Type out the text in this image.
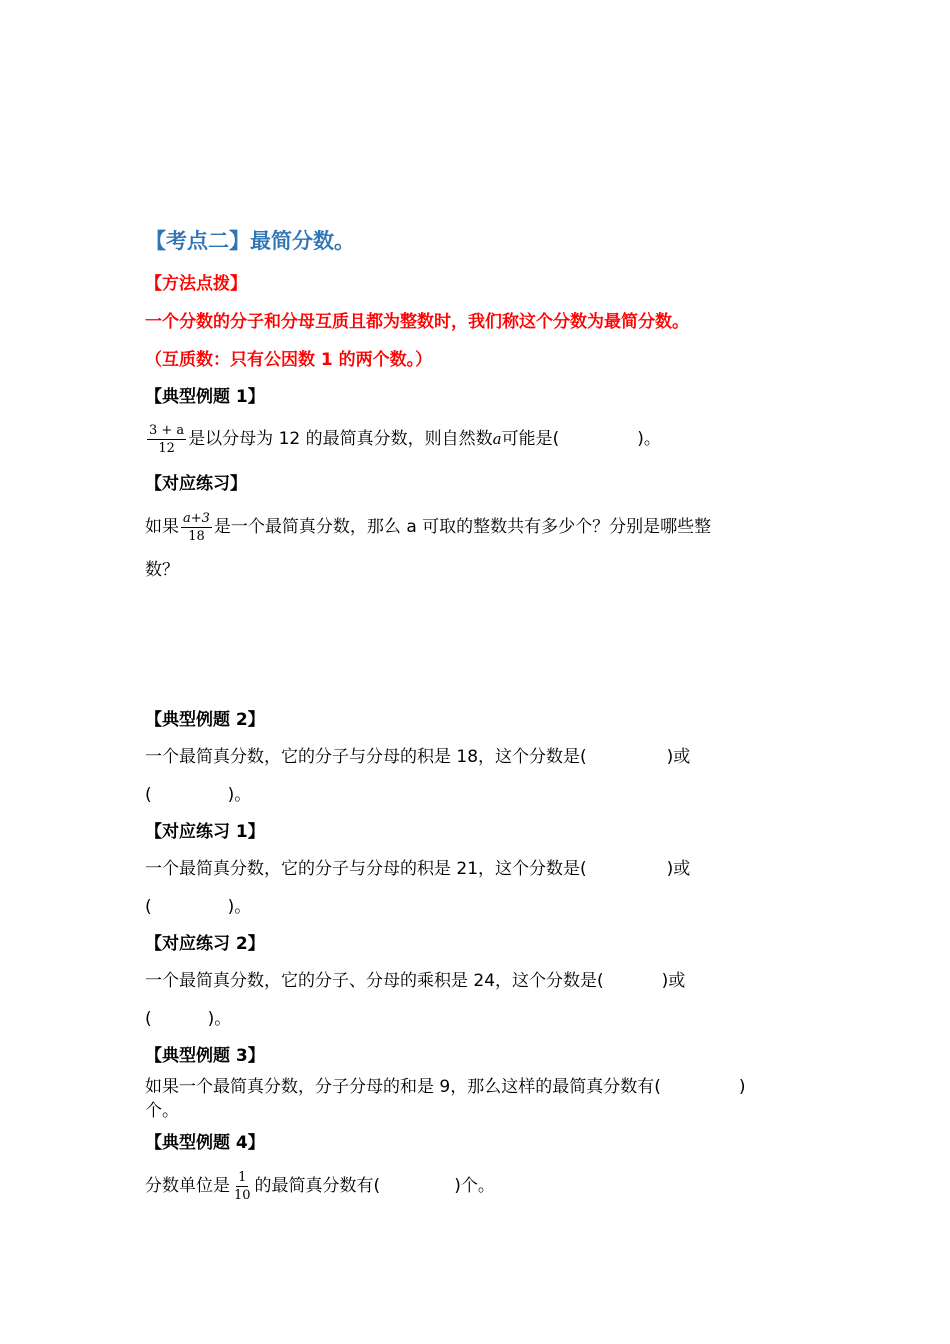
【考点二】最简分数。
【方法点拨】
一个分数的分子和分母互质且都为整数时，我们称这个分数为最简分数。
（互质数：只有公因数 1 的两个数。）
【典型例题 1】
$\frac{3 + a}{12}$ 是以分母为 12 的最简真分数，则自然数a可能是(	)。
【对应练习】
如果 $\frac{a+3}{18}$ 是一个最简真分数，那么 a 可取的整数共有多少个？分别是哪些整
数？
【典型例题 2】
一个最简真分数，它的分子与分母的积是 18，这个分数是(	)或
(	)。
【对应练习 1】
一个最简真分数，它的分子与分母的积是 21，这个分数是(	)或
(	)。
【对应练习 2】
一个最简真分数，它的分子、分母的乘积是 24，这个分数是(	)或
(	)。
【典型例题 3】
如果一个最简真分数，分子分母的和是 9，那么这样的最简真分数有(	)
个。
【典型例题 4】
分数单位是 $\frac{1}{10}$ 的最简真分数有(	)个。
